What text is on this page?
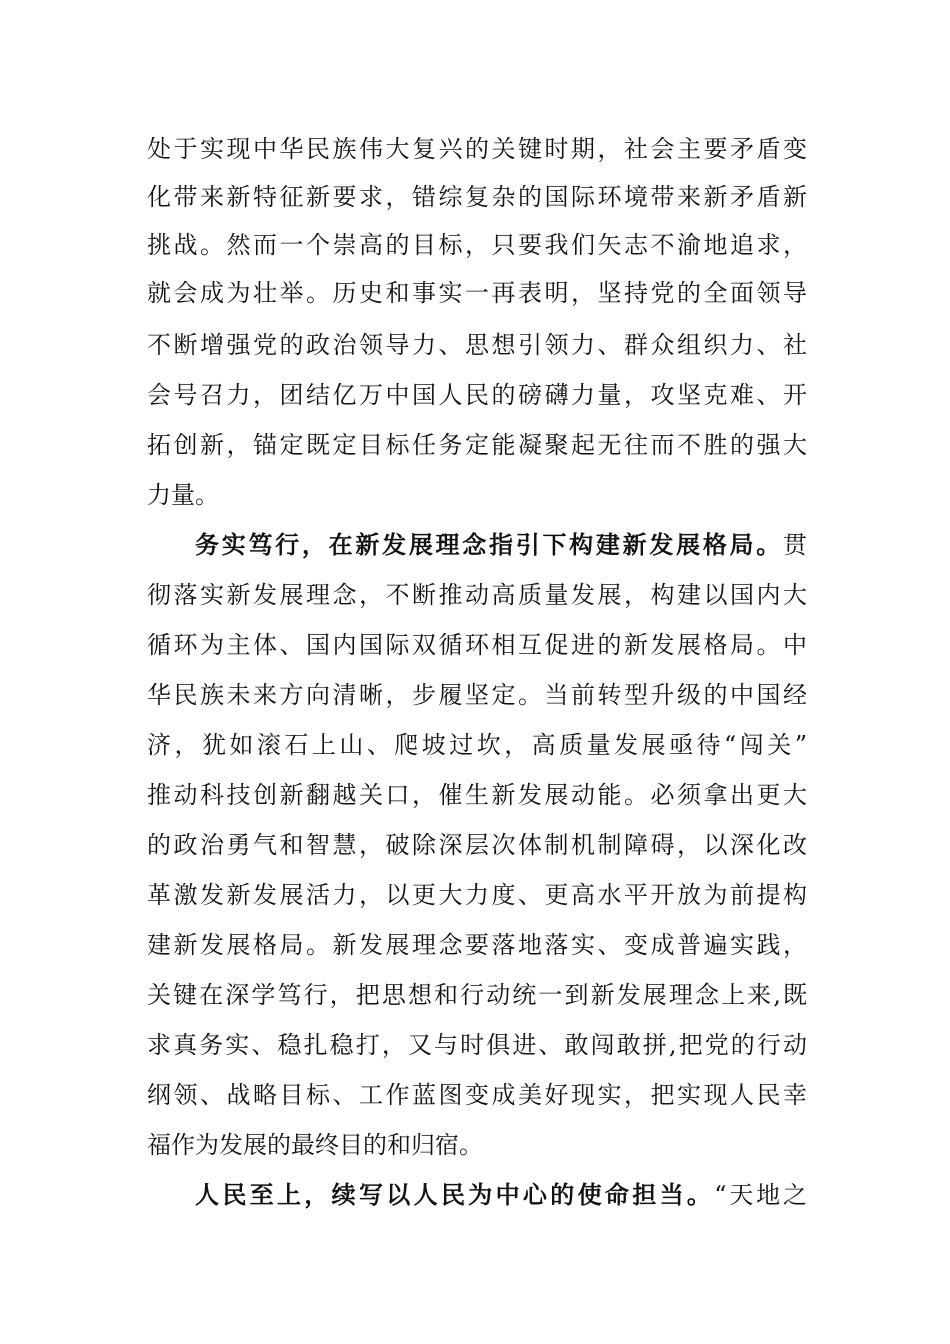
处于实现中华民族伟大复兴的关键时期，社会主要矛盾变
化带来新特征新要求，错综复杂的国际环境带来新矛盾新
挑战。然而一个崇高的目标，只要我们矢志不渝地追求，
就会成为壮举。历史和事实一再表明，坚持党的全面领导
不断增强党的政治领导力、思想引领力、群众组织力、社
会号召力，团结亿万中国人民的磅礴力量，攻坚克难、开
拓创新，锚定既定目标任务定能凝聚起无往而不胜的强大
力量。
务实笃行，在新发展理念指引下构建新发展格局。贯
彻落实新发展理念，不断推动高质量发展，构建以国内大
循环为主体、国内国际双循环相互促进的新发展格局。中
华民族未来方向清晰，步履坚定。当前转型升级的中国经
济，犹如滚石上山、爬坡过坎，高质量发展亟待“闯关”
推动科技创新翻越关口，催生新发展动能。必须拿出更大
的政治勇气和智慧，破除深层次体制机制障碍，以深化改
革激发新发展活力，以更大力度、更高水平开放为前提构
建新发展格局。新发展理念要落地落实、变成普遍实践，
关键在深学笃行，把思想和行动统一到新发展理念上来,既
求真务实、稳扎稳打，又与时俱进、敢闯敢拼,把党的行动
纲领、战略目标、工作蓝图变成美好现实，把实现人民幸
福作为发展的最终目的和归宿。
人民至上，续写以人民为中心的使命担当。“天地之
